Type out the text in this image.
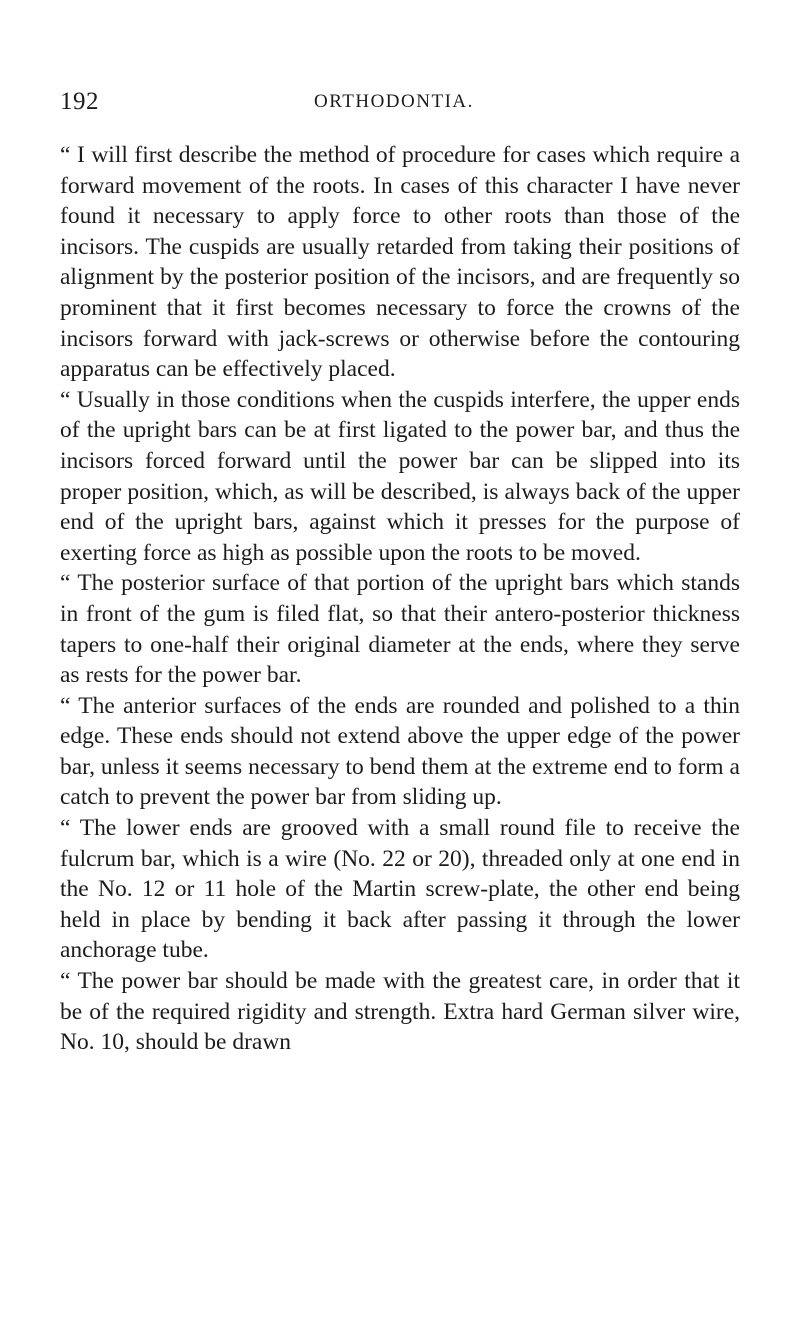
192	ORTHODONTIA.

“ I will first describe the method of procedure for cases which require a forward movement of the roots. In cases of this character I have never found it necessary to apply force to other roots than those of the incisors. The cuspids are usually retarded from taking their positions of alignment by the posterior position of the incisors, and are frequently so prominent that it first becomes necessary to force the crowns of the incisors forward with jack-screws or otherwise before the contouring apparatus can be effectively placed.

“ Usually in those conditions when the cuspids interfere, the upper ends of the upright bars can be at first ligated to the power bar, and thus the incisors forced forward until the power bar can be slipped into its proper position, which, as will be described, is always back of the upper end of the upright bars, against which it presses for the purpose of exerting force as high as possible upon the roots to be moved.

“ The posterior surface of that portion of the upright bars which stands in front of the gum is filed flat, so that their antero-posterior thickness tapers to one-half their original diameter at the ends, where they serve as rests for the power bar.

“ The anterior surfaces of the ends are rounded and polished to a thin edge. These ends should not extend above the upper edge of the power bar, unless it seems necessary to bend them at the extreme end to form a catch to prevent the power bar from sliding up.

“ The lower ends are grooved with a small round file to receive the fulcrum bar, which is a wire (No. 22 or 20), threaded only at one end in the No. 12 or 11 hole of the Martin screw-plate, the other end being held in place by bending it back after passing it through the lower anchorage tube.

“ The power bar should be made with the greatest care, in order that it be of the required rigidity and strength. Extra hard German silver wire, No. 10, should be drawn
